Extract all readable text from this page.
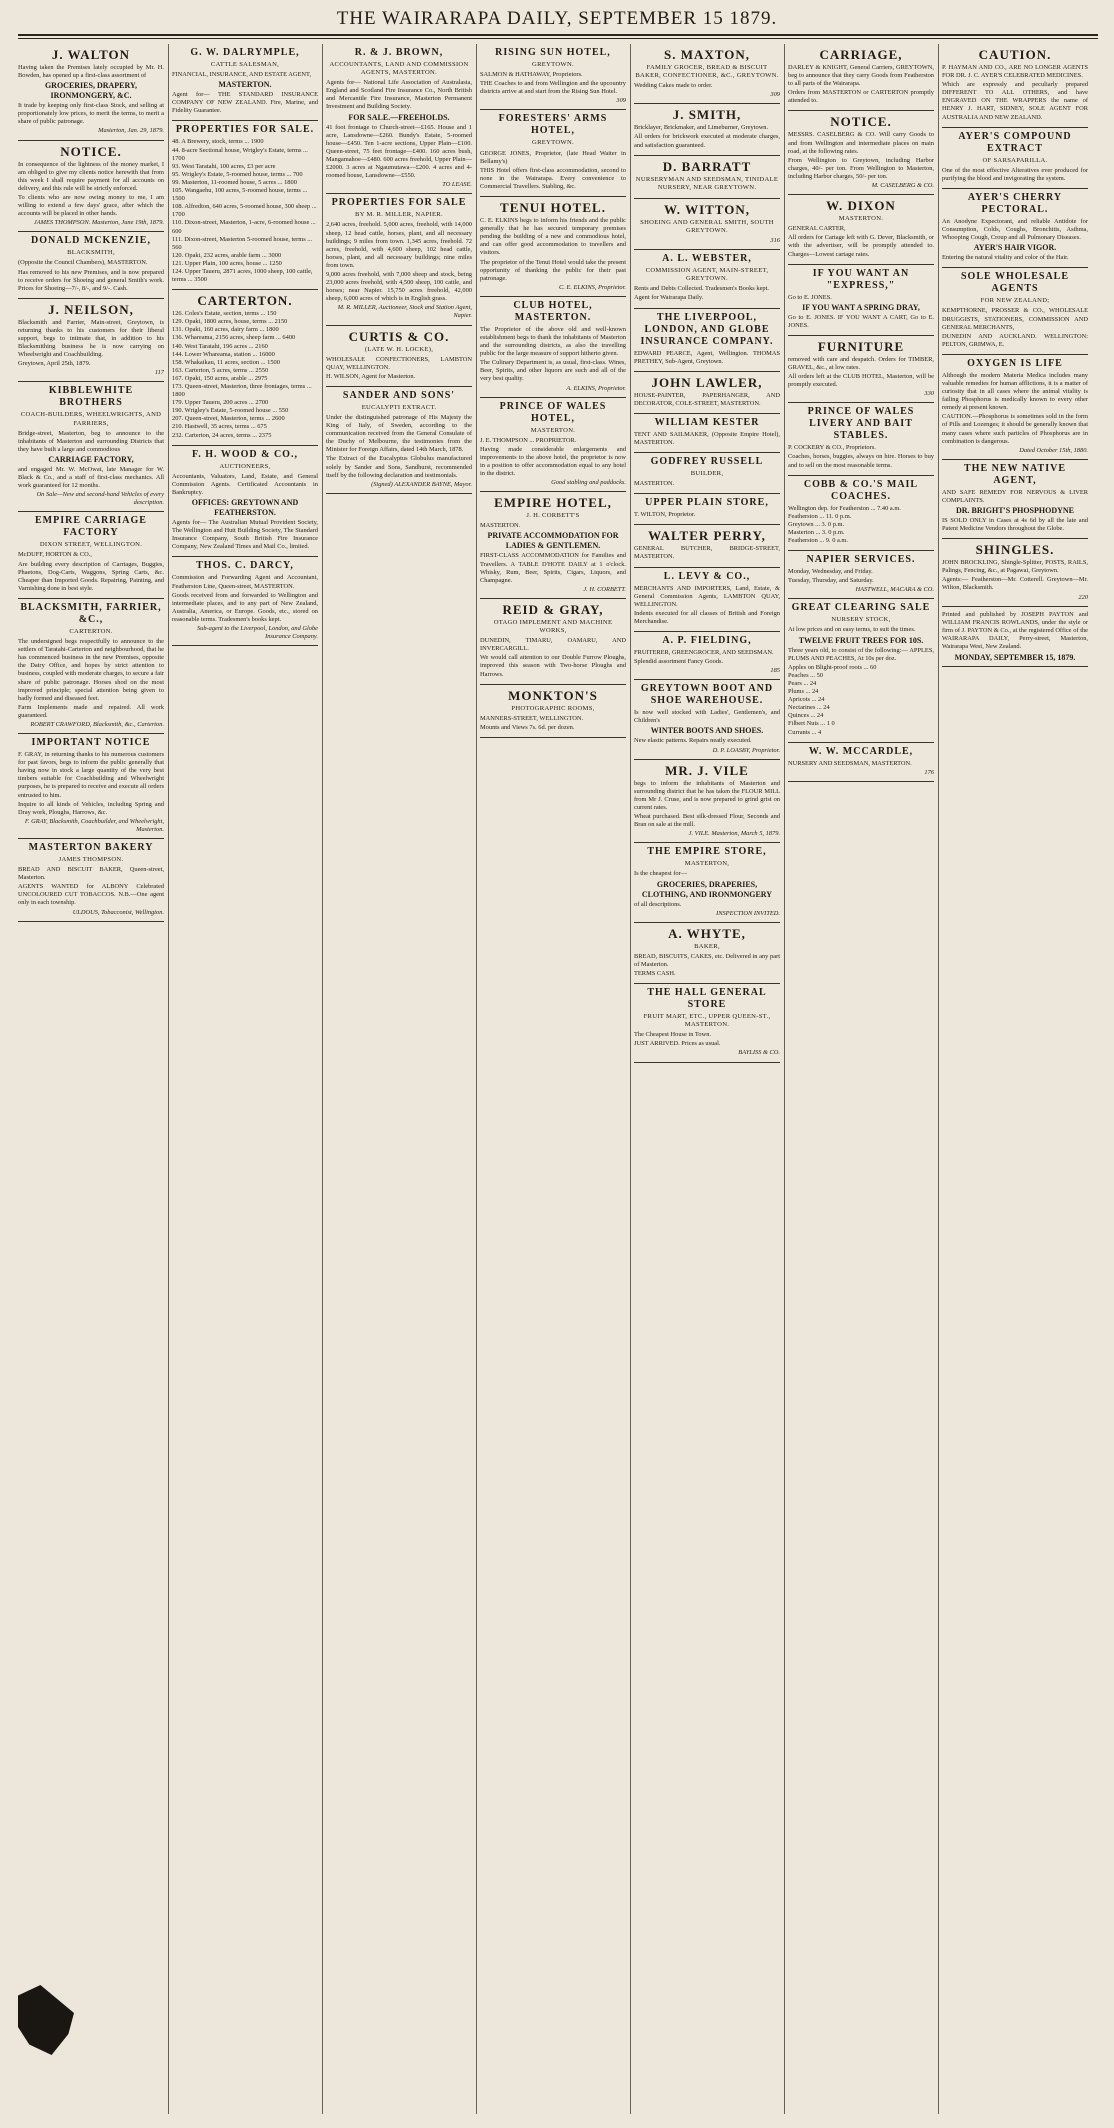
THE WAIRARAPA DAILY, SEPTEMBER 15 1879.
J. WALTON
Having taken the Premises lately occupied by Mr. H. Bowden, has opened up a first-class assortment of
GROCERIES, DRAPERY, IRONMONGERY, &C.
It trade by keeping only first-class Stock, and selling at proportionately low prices, to merit the terms, to merit a share of public patronage.
Masterton, Jan. 29, 1879.
NOTICE.
In consequence of the lightness of the money market, I am obliged to give my clients notice herewith that from this week I shall require payment for all accounts on delivery, and this rule will be strictly enforced.
To clients who are now owing money to me, I am willing to extend a few days' grace, after which the accounts will be placed in other hands.
JAMES THOMPSON. Masterton, June 19th, 1879.
DONALD MCKENZIE,
BLACKSMITH,
(Opposite the Council Chambers), MASTERTON.
Has removed to his new Premises, and is now prepared to receive orders for Shoeing and general Smith's work. Prices for Shoeing—7/-, 8/-, and 9/-. Cash.
J. NEILSON,
Blacksmith and Farrier, Main-street, Greytown, is returning thanks to his customers for their liberal support, begs to intimate that, in addition to his Blacksmithing business he is now carrying on Wheelwright and Coachbuilding.
Greytown, April 25th, 1879.
117
KIBBLEWHITE BROTHERS
COACH-BUILDERS, WHEELWRIGHTS, AND FARRIERS,
Bridge-street, Masterton, beg to announce to the inhabitants of Masterton and surrounding Districts that they have built a large and commodious
CARRIAGE FACTORY,
and engaged Mr. W. McOwat, late Manager for W. Black & Co., and a staff of first-class mechanics. All work guaranteed for 12 months.
On Sale—New and second-hand Vehicles of every description.
EMPIRE CARRIAGE FACTORY
DIXON STREET, WELLINGTON.
McDUFF, HORTON & CO.,
Are building every description of Carriages, Buggies, Phaetons, Dog-Carts, Waggons, Spring Carts, &c. Cheaper than Imported Goods. Repairing, Painting, and Varnishing done in best style.
BLACKSMITH, FARRIER, &C.,
CARTERTON.
The undersigned begs respectfully to announce to the settlers of Taratahi-Carterton and neighbourhood, that he has commenced business in the new Premises, opposite the Dairy Office, and hopes by strict attention to business, coupled with moderate charges, to secure a fair share of public patronage. Horses shod on the most improved principle; special attention being given to badly formed and diseased feet.
Farm Implements made and repaired. All work guaranteed.
ROBERT CRAWFORD, Blacksmith, &c., Carterton.
IMPORTANT NOTICE
F. GRAY, in returning thanks to his numerous customers for past favors, begs to inform the public generally that having now in stock a large quantity of the very best timbers suitable for Coachbuilding and Wheelwright purposes, he is prepared to receive and execute all orders entrusted to him.
Inquire to all kinds of Vehicles, including Spring and Dray work, Ploughs, Harrows, &c.
F. GRAY, Blacksmith, Coachbuilder, and Wheelwright, Masterton.
MASTERTON BAKERY
JAMES THOMPSON.
BREAD AND BISCUIT BAKER, Queen-street, Masterton.
AGENTS WANTED for ALBONY Celebrated UNCOLOURED CUT TOBACCOS. N.B.—One agent only in each township.
ULDOUS, Tobacconist, Wellington.
G. W. DALRYMPLE,
CATTLE SALESMAN,
FINANCIAL, INSURANCE, AND ESTATE AGENT,
MASTERTON.
Agent for— THE STANDARD INSURANCE COMPANY OF NEW ZEALAND. Fire, Marine, and Fidelity Guarantee.
PROPERTIES FOR SALE.
48. A Brewery, stock, terms ... 1900
44. 8-acre Sectional house, Wrigley's Estate, terms ... 1700
93. West Taratahi, 100 acres, £3 per acre
95. Wrigley's Estate, 5-roomed house, terms ... 700
99. Masterton, 11-roomed house, 5 acres ... 1800
105. Wangaehu, 100 acres, 5-roomed house, terms ... 1500
108. Alfredton, 640 acres, 5-roomed house, 300 sheep ... 1700
110. Dixon-street, Masterton, 1-acre, 6-roomed house ... 600
111. Dixon-street, Masterton 5-roomed house, terms ... 560
120. Opaki, 232 acres, arable farm ... 3000
121. Upper Plain, 100 acres, house ... 1250
124. Upper Taueru, 2871 acres, 1000 sheep, 100 cattle, terms ... 3500
CARTERTON.
126. Coles's Estate, section, terms ... 150
129. Opaki, 1800 acres, house, terms ... 2150
131. Opaki, 160 acres, dairy farm ... 1800
136. Whareama, 2156 acres, sheep farm ... 6400
140. West Taratahi, 196 acres ... 2160
144. Lower Whareama, station ... 16000
158. Whakaikau, 11 acres, section ... 1500
163. Carterton, 5 acres, terms ... 2550
167. Opaki, 150 acres, arable ... 2975
173. Queen-street, Masterton, three frontages, terms ... 1800
179. Upper Taueru, 200 acres ... 2700
190. Wrigley's Estate, 5-roomed house ... 550
207. Queen-street, Masterton, terms ... 2600
210. Hastwell, 35 acres, terms ... 675
232. Carterton, 24 acres, terms ... 2375
F. H. WOOD & CO.,
AUCTIONEERS,
Accountants, Valuators, Land, Estate, and General Commission Agents. Certificated Accountants in Bankruptcy.
OFFICES: GREYTOWN AND FEATHERSTON.
Agents for— The Australian Mutual Provident Society, The Wellington and Hutt Building Society, The Standard Insurance Company, South British Fire Insurance Company, New Zealand Times and Mail Co., limited.
THOS. C. DARCY,
Commission and Forwarding Agent and Accountant, Featherston Line, Queen-street, MASTERTON.
Goods received from and forwarded to Wellington and intermediate places, and to any part of New Zealand, Australia, America, or Europe. Goods, etc., stored on reasonable terms. Tradesmen's books kept.
Sub-agent to the Liverpool, London, and Globe Insurance Company.
R. & J. BROWN,
ACCOUNTANTS, LAND AND COMMISSION AGENTS, MASTERTON.
Agents for— National Life Association of Australasia, England and Scotland Fire Insurance Co., North British and Mercantile Fire Insurance, Masterton Permanent Investment and Building Society.
FOR SALE.—FREEHOLDS.
41 foot frontage to Church-street—£165. House and 1 acre, Lansdowne—£260. Bundy's Estate, 5-roomed house—£450. Ten 1-acre sections, Upper Plain—£100. Queen-street, 75 feet frontage—£400. 160 acres bush, Mangamahoe—£480. 600 acres freehold, Upper Plain—£2000. 3 acres at Ngaumutawa—£200. 4 acres and 4-roomed house, Lansdowne—£550.
TO LEASE.
PROPERTIES FOR SALE
BY M. R. MILLER, NAPIER.
2,640 acres, freehold. 5,000 acres, freehold, with 14,000 sheep, 12 head cattle, horses, plant, and all necessary buildings; 9 miles from town. 1,345 acres, freehold. 72 acres, freehold, with 4,600 sheep, 102 head cattle, horses, plant, and all necessary buildings; nine miles from town.
9,000 acres freehold, with 7,000 sheep and stock, being 23,000 acres freehold, with 4,500 sheep, 100 cattle, and horses; near Napier. 15,750 acres freehold, 42,000 sheep, 6,000 acres of which is in English grass.
M. R. MILLER, Auctioneer, Stock and Station Agent, Napier.
CURTIS & CO.
(LATE W. H. LOCKE),
WHOLESALE CONFECTIONERS, LAMBTON QUAY, WELLINGTON.
H. WILSON, Agent for Masterton.
SANDER AND SONS'
EUCALYPTI EXTRACT.
Under the distinguished patronage of His Majesty the King of Italy, of Sweden, according to the communication received from the General Consulate of the Duchy of Melbourne, the testimonies from the Minister for Foreign Affairs, dated 14th March, 1878.
The Extract of the Eucalyptus Globulus manufactured solely by Sander and Sons, Sandhurst, recommended itself by the following declaration and testimonials.
(Signed) ALEXANDER BAYNE, Mayor.
RISING SUN HOTEL,
GREYTOWN.
SALMON & HATHAWAY, Proprietors.
THE Coaches to and from Wellington and the upcountry districts arrive at and start from the Rising Sun Hotel.
309
FORESTERS' ARMS HOTEL,
GREYTOWN.
GEORGE JONES, Proprietor, (late Head Waiter in Bellamy's)
THIS Hotel offers first-class accommodation, second to none in the Wairarapa. Every convenience to Commercial Travellers. Stabling, &c.
TENUI HOTEL.
C. E. ELKINS begs to inform his friends and the public generally that he has secured temporary premises pending the building of a new and commodious hotel, and can offer good accommodation to travellers and visitors.
The proprietor of the Tenui Hotel would take the present opportunity of thanking the public for their past patronage.
C. E. ELKINS, Proprietor.
CLUB HOTEL, MASTERTON.
The Proprietor of the above old and well-known establishment begs to thank the inhabitants of Masterton and the surrounding districts, as also the travelling public for the large measure of support hitherto given.
The Culinary Department is, as usual, first-class. Wines, Beer, Spirits, and other liquors are such and all of the very best quality.
A. ELKINS, Proprietor.
PRINCE OF WALES HOTEL,
MASTERTON.
J. E. THOMPSON ... PROPRIETOR.
Having made considerable enlargements and improvements to the above hotel, the proprietor is now in a position to offer accommodation equal to any hotel in the district.
Good stabling and paddocks.
EMPIRE HOTEL,
J. H. CORBETT'S
MASTERTON.
PRIVATE ACCOMMODATION FOR LADIES & GENTLEMEN.
FIRST-CLASS ACCOMMODATION for Families and Travellers. A TABLE D'HOTE DAILY at 1 o'clock. Whisky, Rum, Beer, Spirits, Cigars, Liquors, and Champagne.
J. H. CORBETT.
REID & GRAY,
OTAGO IMPLEMENT AND MACHINE WORKS,
DUNEDIN, TIMARU, OAMARU, AND INVERCARGILL.
We would call attention to our Double Furrow Ploughs, improved this season with Two-horse Ploughs and Harrows.
MONKTON'S
PHOTOGRAPHIC ROOMS,
MANNERS-STREET, WELLINGTON.
Mounts and Views 7s. 6d. per dozen.
S. MAXTON,
FAMILY GROCER, BREAD & BISCUIT BAKER, CONFECTIONER, &C., GREYTOWN.
Wedding Cakes made to order.
309
J. SMITH,
Bricklayer, Brickmaker, and Limeburner, Greytown.
All orders for brickwork executed at moderate charges, and satisfaction guaranteed.
D. BARRATT
NURSERYMAN AND SEEDSMAN, TINIDALE NURSERY, NEAR GREYTOWN.
W. WITTON,
SHOEING AND GENERAL SMITH, SOUTH GREYTOWN.
316
A. L. WEBSTER,
COMMISSION AGENT, MAIN-STREET, GREYTOWN.
Rents and Debts Collected. Tradesmen's Books kept.
Agent for Wairarapa Daily.
THE LIVERPOOL, LONDON, AND GLOBE INSURANCE COMPANY.
EDWARD PEARCE, Agent, Wellington. THOMAS PRETHEY, Sub-Agent, Greytown.
JOHN LAWLER,
HOUSE-PAINTER, PAPERHANGER, AND DECORATOR, COLE-STREET, MASTERTON.
WILLIAM KESTER
TENT AND SAILMAKER, (Opposite Empire Hotel), MASTERTON.
GODFREY RUSSELL
BUILDER,
MASTERTON.
UPPER PLAIN STORE,
T. WILTON, Proprietor.
WALTER PERRY,
GENERAL BUTCHER, BRIDGE-STREET, MASTERTON.
L. LEVY & CO.,
MERCHANTS AND IMPORTERS, Land, Estate, & General Commission Agents, LAMBTON QUAY, WELLINGTON.
Indents executed for all classes of British and Foreign Merchandise.
A. P. FIELDING,
FRUITERER, GREENGROCER, AND SEEDSMAN.
Splendid assortment Fancy Goods.
185
GREYTOWN BOOT AND SHOE WAREHOUSE.
Is now well stocked with Ladies', Gentlemen's, and Children's
WINTER BOOTS AND SHOES.
New elastic patterns. Repairs neatly executed.
D. P. LOASBY, Proprietor.
MR. J. VILE
begs to inform the inhabitants of Masterton and surrounding district that he has taken the FLOUR MILL from Mr J. Cruse, and is now prepared to grind grist on current rates.
Wheat purchased. Best silk-dressed Flour, Seconds and Bran on sale at the mill.
J. VILE. Masterton, March 5, 1879.
THE EMPIRE STORE,
MASTERTON,
Is the cheapest for—
GROCERIES, DRAPERIES, CLOTHING, AND IRONMONGERY
of all descriptions.
INSPECTION INVITED.
A. WHYTE,
BAKER,
BREAD, BISCUITS, CAKES, etc. Delivered in any part of Masterton.
TERMS CASH.
THE HALL GENERAL STORE
FRUIT MART, ETC., UPPER QUEEN-ST., MASTERTON.
The Cheapest House in Town.
JUST ARRIVED. Prices as usual.
BAYLISS & CO.
CARRIAGE,
DARLEY & KNIGHT, General Carriers, GREYTOWN, beg to announce that they carry Goods from Featherston to all parts of the Wairarapa.
Orders from MASTERTON or CARTERTON promptly attended to.
NOTICE.
MESSRS. CASELBERG & CO. Will carry Goods to and from Wellington and intermediate places on main road, at the following rates.
From Wellington to Greytown, including Harbor charges, 40/- per ton. From Wellington to Masterton, including Harbor charges, 50/- per ton.
M. CASELBERG & CO.
W. DIXON
MASTERTON.
GENERAL CARTER,
All orders for Cartage left with G. Dever, Blacksmith, or with the advertiser, will be promptly attended to. Charges—Lowest cartage rates.
IF YOU WANT AN "EXPRESS,"
Go to E. JONES.
IF YOU WANT A SPRING DRAY,
Go to E. JONES. IF YOU WANT A CART, Go to E. JONES.
FURNITURE
removed with care and despatch. Orders for TIMBER, GRAVEL, &c., at low rates.
All orders left at the CLUB HOTEL, Masterton, will be promptly executed.
330
PRINCE OF WALES LIVERY AND BAIT STABLES.
P. COCKERY & CO., Proprietors.
Coaches, horses, buggies, always on hire. Horses to buy and to sell on the most reasonable terms.
COBB & CO.'S MAIL COACHES.
Wellington dep. for Featherston ... 7.40 a.m.
Featherston ... 11. 0 p.m.
Greytown ... 3. 0 p.m.
Masterton ... 3. 0 p.m.
Featherston ... 9. 0 a.m.
NAPIER SERVICES.
Monday, Wednesday, and Friday.
Tuesday, Thursday, and Saturday.
HASTWELL, MACARA & CO.
GREAT CLEARING SALE
NURSERY STOCK,
At low prices and on easy terms, to suit the times.
TWELVE FRUIT TREES FOR 10S.
Three years old, to consist of the following:— APPLES, PLUMS AND PEACHES, At 10s per doz.
Apples on Blight-proof roots ... 60
Peaches ... 50
Pears ... 24
Plums ... 24
Apricots ... 24
Nectarines ... 24
Quinces ... 24
Filbert Nuts ... 1 0
Currants ... 4
W. W. MCCARDLE,
NURSERY AND SEEDSMAN, MASTERTON.
176
CAUTION.
P. HAYMAN AND CO., ARE NO LONGER AGENTS FOR DR. J. C. AYER'S CELEBRATED MEDICINES.
Which are expressly and peculiarly prepared DIFFERENT TO ALL OTHERS, and have ENGRAVED ON THE WRAPPERS the name of HENRY J. HART, SIDNEY, SOLE AGENT FOR AUSTRALIA AND NEW ZEALAND.
AYER'S COMPOUND EXTRACT
OF SARSAPARILLA.
One of the most effective Alteratives ever produced for purifying the blood and invigorating the system.
AYER'S CHERRY PECTORAL.
An Anodyne Expectorant, and reliable Antidote for Consumption, Colds, Coughs, Bronchitis, Asthma, Whooping Cough, Croup and all Pulmonary Diseases.
AYER'S HAIR VIGOR.
Entering the natural vitality and color of the Hair.
SOLE WHOLESALE AGENTS
FOR NEW ZEALAND;
KEMPTHORNE, PROSSER & CO., WHOLESALE DRUGGISTS, STATIONERS, COMMISSION AND GENERAL MERCHANTS,
DUNEDIN AND AUCKLAND. WELLINGTON: PELTON, GRIMWA, E.
OXYGEN IS LIFE
Although the modern Materia Medica includes many valuable remedies for human afflictions, it is a matter of curiosity that in all cases where the animal vitality is failing Phosphorus is medically known to every other remedy at present known.
CAUTION.—Phosphorus is sometimes sold in the form of Pills and Lozenges; it should be generally known that many cases where such particles of Phosphorus are in combination is dangerous.
Dated October 15th, 1880.
THE NEW NATIVE AGENT,
AND SAFE REMEDY FOR NERVOUS & LIVER COMPLAINTS.
DR. BRIGHT'S PHOSPHODYNE
IS SOLD ONLY in Cases at 4s 6d by all the late and Patent Medicine Vendors throughout the Globe.
SHINGLES.
JOHN BROCKLING, Shingle-Splitter, POSTS, RAILS, Palings, Fencing, &c., at Pagawai, Greytown.
Agents:— Featherston—Mr. Cotterell. Greytown—Mr. Wilton, Blacksmith.
220
Printed and published by JOSEPH PAYTON and WILLIAM FRANCIS ROWLANDS, under the style or firm of J. PAYTON & Co., at the registered Office of the WAIRARAPA DAILY, Perry-street, Masterton, Wairarapa West, New Zealand.
MONDAY, SEPTEMBER 15, 1879.
